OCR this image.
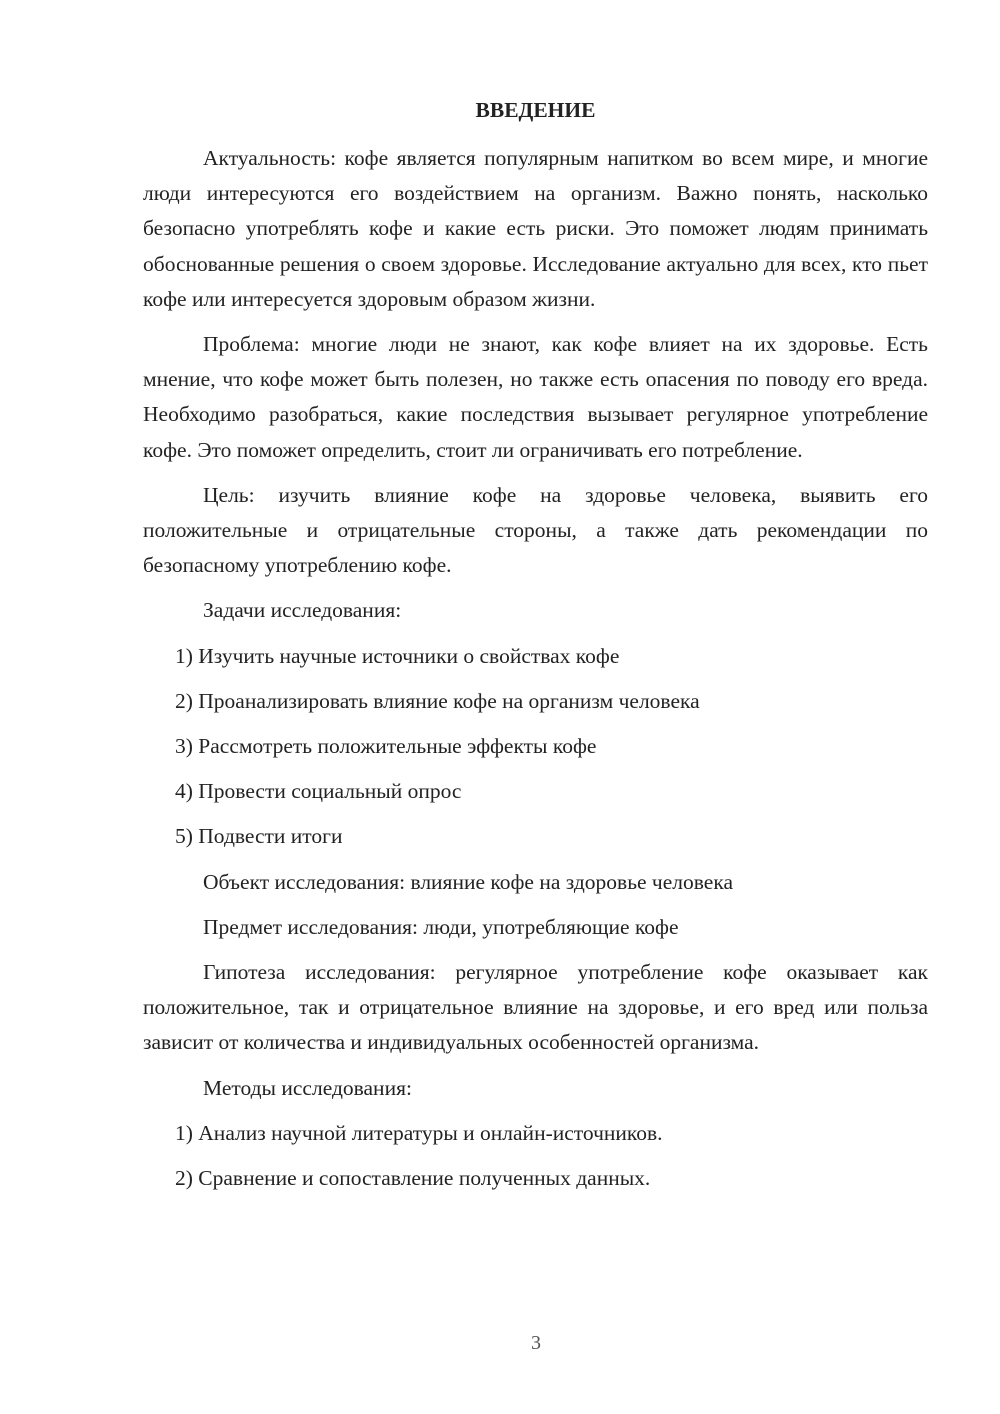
ВВЕДЕНИЕ

Актуальность: кофе является популярным напитком во всем мире, и многие люди интересуются его воздействием на организм. Важно понять, насколько безопасно употреблять кофе и какие есть риски. Это поможет людям принимать обоснованные решения о своем здоровье. Исследование актуально для всех, кто пьет кофе или интересуется здоровым образом жизни.

Проблема: многие люди не знают, как кофе влияет на их здоровье. Есть мнение, что кофе может быть полезен, но также есть опасения по поводу его вреда. Необходимо разобраться, какие последствия вызывает регулярное употребление кофе. Это поможет определить, стоит ли ограничивать его потребление.

Цель: изучить влияние кофе на здоровье человека, выявить его положительные и отрицательные стороны, а также дать рекомендации по безопасному употреблению кофе.

Задачи исследования:

1) Изучить научные источники о свойствах кофе

2) Проанализировать влияние кофе на организм человека

3) Рассмотреть положительные эффекты кофе

4) Провести социальный опрос

5) Подвести итоги

Объект исследования: влияние кофе на здоровье человека

Предмет исследования: люди, употребляющие кофе

Гипотеза исследования: регулярное употребление кофе оказывает как положительное, так и отрицательное влияние на здоровье, и его вред или польза зависит от количества и индивидуальных особенностей организма.

Методы исследования:

1) Анализ научной литературы и онлайн-источников.

2) Сравнение и сопоставление полученных данных.

3
